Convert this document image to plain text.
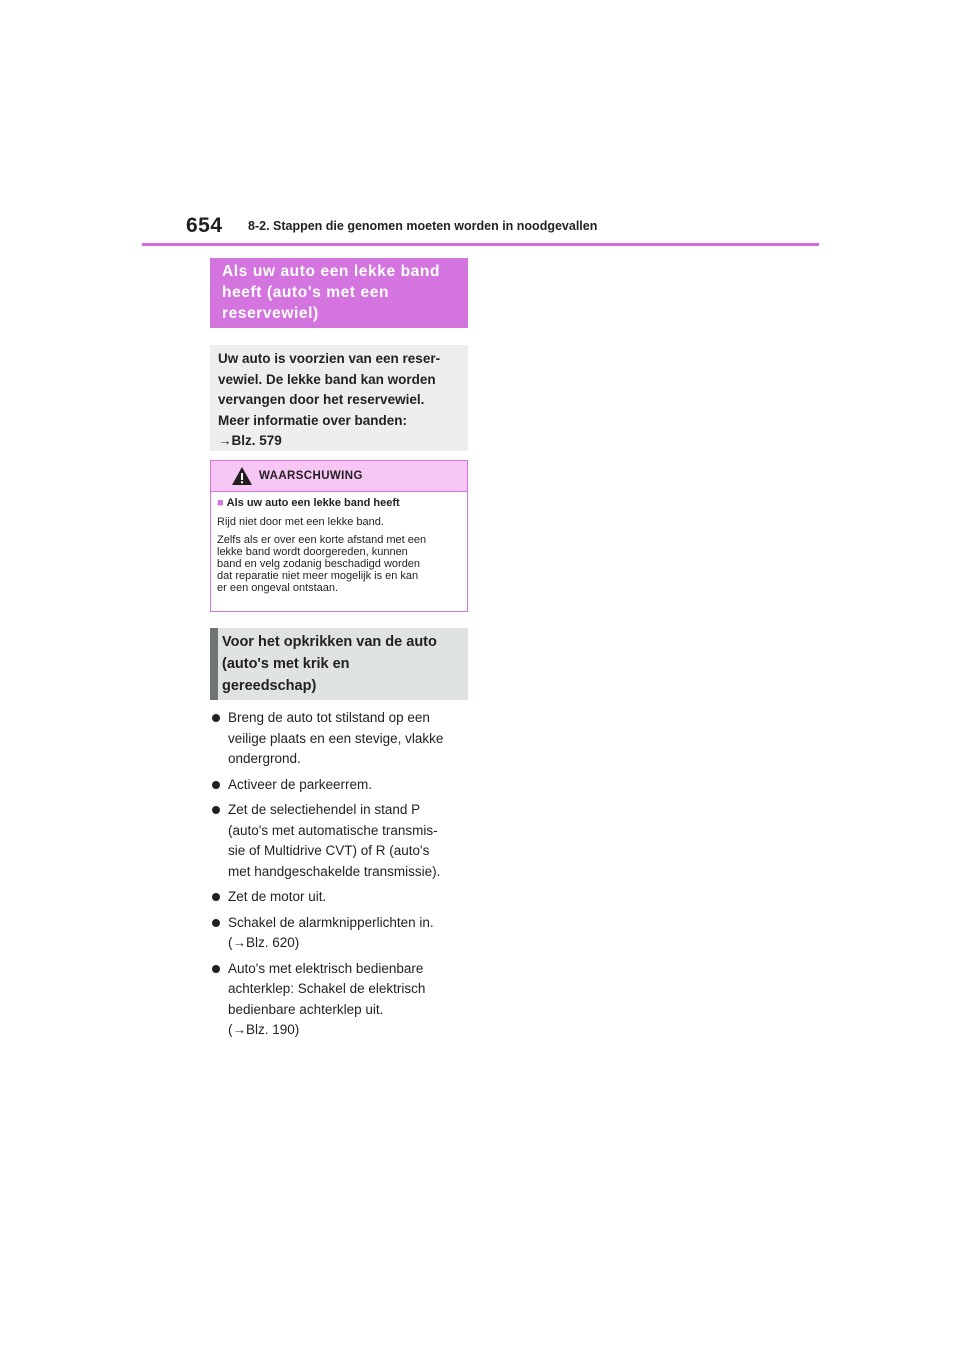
654 8-2. Stappen die genomen moeten worden in noodgevallen
Als uw auto een lekke band
heeft (auto's met een
reservewiel)
Uw auto is voorzien van een reser-
vewiel. De lekke band kan worden
vervangen door het reservewiel.
Meer informatie over banden:
→Blz. 579
WAARSCHUWING
■ Als uw auto een lekke band heeft

Rijd niet door met een lekke band.

Zelfs als er over een korte afstand met een
lekke band wordt doorgereden, kunnen
band en velg zodanig beschadigd worden
dat reparatie niet meer mogelijk is en kan
er een ongeval ontstaan.

Voor het opkrikken van de auto
(auto's met krik en
gereedschap)
Breng de auto tot stilstand op een
veilige plaats en een stevige, vlakke
ondergrond.
Activeer de parkeerrem.
Zet de selectiehendel in stand P
(auto's met automatische transmis-
sie of Multidrive CVT) of R (auto's
met handgeschakelde transmissie).
Zet de motor uit.
Schakel de alarmknipperlichten in.
(→Blz. 620)
Auto's met elektrisch bedienbare
achterklep: Schakel de elektrisch
bedienbare achterklep uit.
(→Blz. 190)
